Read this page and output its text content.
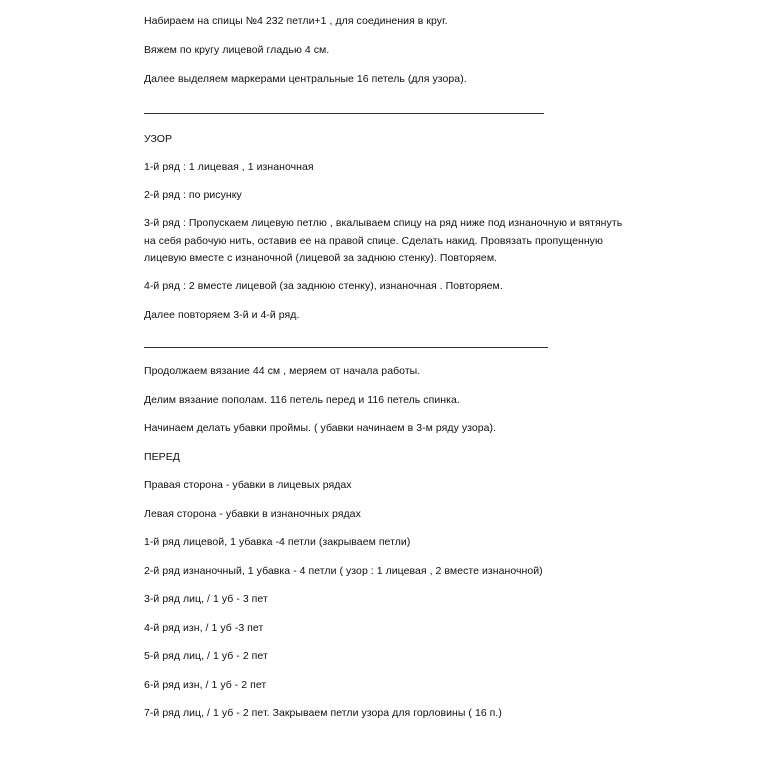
Набираем на спицы №4 232 петли+1 , для соединения в круг.
Вяжем по кругу лицевой гладью 4 см.
Далее выделяем маркерами центральные 16 петель (для узора).
УЗОР
1-й ряд : 1 лицевая , 1 изнаночная
2-й ряд : по рисунку
3-й ряд : Пропускаем лицевую петлю , вкалываем спицу на ряд ниже под изнаночную и вятянуть
на себя рабочую нить, оставив ее на правой спице. Сделать накид. Провязать пропущенную
лицевую вместе с изнаночной (лицевой за заднюю стенку). Повторяем.
4-й ряд : 2 вместе лицевой (за заднюю стенку), изнаночная . Повторяем.
Далее повторяем 3-й и 4-й ряд.
Продолжаем вязание 44 см , меряем от начала работы.
Делим вязание пополам. 116 петель перед и 116 петель спинка.
Начинаем делать убавки проймы. ( убавки начинаем в 3-м ряду узора).
ПЕРЕД
Правая сторона - убавки в лицевых рядах
Левая сторона - убавки в изнаночных рядах
1-й ряд лицевой, 1 убавка -4 петли (закрываем петли)
2-й ряд изнаночный, 1 убавка - 4 петли ( узор : 1 лицевая , 2 вместе изнаночной)
3-й ряд лиц, / 1 уб - 3 пет
4-й ряд изн, / 1 уб -3 пет
5-й ряд лиц, / 1 уб - 2 пет
6-й ряд изн, / 1 уб - 2 пет
7-й ряд лиц, / 1 уб - 2 пет. Закрываем петли узора для горловины ( 16 п.)
